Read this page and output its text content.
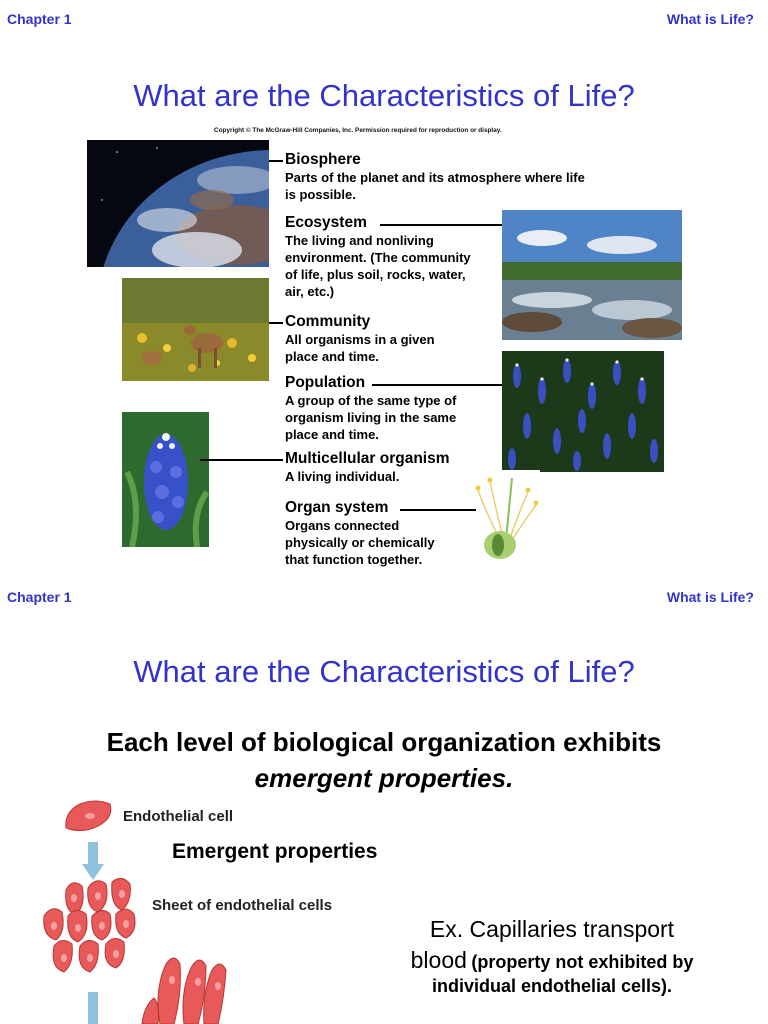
Chapter 1	What is Life?
What are the Characteristics of Life?
Copyright © The McGraw-Hill Companies, Inc. Permission required for reproduction or display.
Biosphere
Parts of the planet and its atmosphere where life
is possible.
Ecosystem
The living and nonliving
environment. (The community
of life, plus soil, rocks, water,
air, etc.)
Community
All organisms in a given
place and time.
Population
A group of the same type of
organism living in the same
place and time.
Multicellular organism
A living individual.
Organ system
Organs connected
physically or chemically
that function together.
Chapter 1	What is Life?
What are the Characteristics of Life?
Each level of biological organization exhibits
emergent properties.
Endothelial cell
Emergent properties
Sheet of endothelial cells
Ex. Capillaries transport
blood (property not exhibited by
individual endothelial cells).
